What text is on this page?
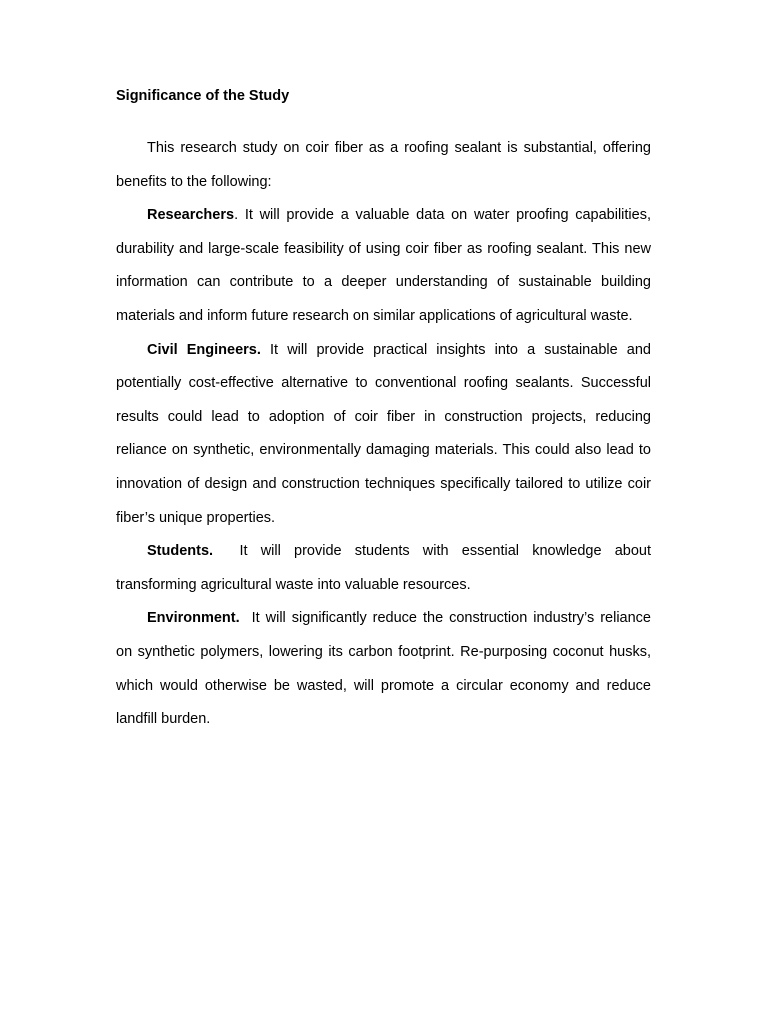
Significance of the Study

This research study on coir fiber as a roofing sealant is substantial, offering benefits to the following:

Researchers. It will provide a valuable data on water proofing capabilities, durability and large-scale feasibility of using coir fiber as roofing sealant. This new information can contribute to a deeper understanding of sustainable building materials and inform future research on similar applications of agricultural waste.

Civil Engineers. It will provide practical insights into a sustainable and potentially cost-effective alternative to conventional roofing sealants. Successful results could lead to adoption of coir fiber in construction projects, reducing reliance on synthetic, environmentally damaging materials. This could also lead to innovation of design and construction techniques specifically tailored to utilize coir fiber’s unique properties.

Students.  It will provide students with essential knowledge about transforming agricultural waste into valuable resources.

Environment.  It will significantly reduce the construction industry’s reliance on synthetic polymers, lowering its carbon footprint. Re-purposing coconut husks, which would otherwise be wasted, will promote a circular economy and reduce landfill burden.
